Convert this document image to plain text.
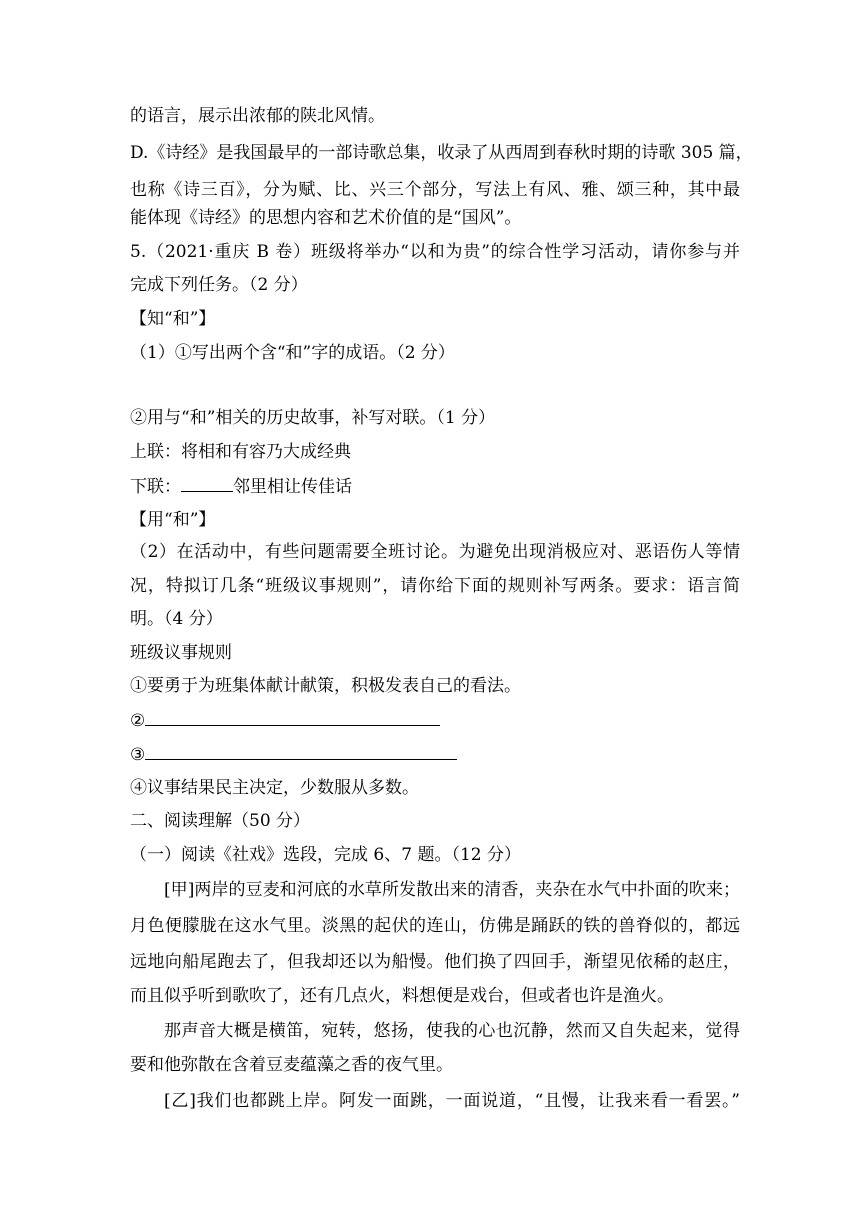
的语言，展示出浓郁的陕北风情。
D.《诗经》是我国最早的一部诗歌总集，收录了从西周到春秋时期的诗歌 305 篇，
也称《诗三百》，分为赋、比、兴三个部分，写法上有风、雅、颂三种，其中最
能体现《诗经》的思想内容和艺术价值的是“国风”。
5.（2021·重庆 B 卷）班级将举办“以和为贵”的综合性学习活动，请你参与并
完成下列任务。（2 分）
【知“和”】
（1）①写出两个含“和”字的成语。（2 分）
②用与“和”相关的历史故事，补写对联。（1 分）
上联：将相和有容乃大成经典
下联：	邻里相让传佳话
【用“和”】
（2）在活动中，有些问题需要全班讨论。为避免出现消极应对、恶语伤人等情
况，特拟订几条“班级议事规则”，请你给下面的规则补写两条。要求：语言简
明。（4 分）
班级议事规则
①要勇于为班集体献计献策，积极发表自己的看法。
②
③
④议事结果民主决定，少数服从多数。
二、阅读理解（50 分）
（一）阅读《社戏》选段，完成 6、7 题。（12 分）
[甲]两岸的豆麦和河底的水草所发散出来的清香，夹杂在水气中扑面的吹来；
月色便朦胧在这水气里。淡黑的起伏的连山，仿佛是踊跃的铁的兽脊似的，都远
远地向船尾跑去了，但我却还以为船慢。他们换了四回手，渐望见依稀的赵庄，
而且似乎听到歌吹了，还有几点火，料想便是戏台，但或者也许是渔火。
那声音大概是横笛，宛转，悠扬，使我的心也沉静，然而又自失起来，觉得
要和他弥散在含着豆麦蕴藻之香的夜气里。
[乙]我们也都跳上岸。阿发一面跳，一面说道，“且慢，让我来看一看罢。”
